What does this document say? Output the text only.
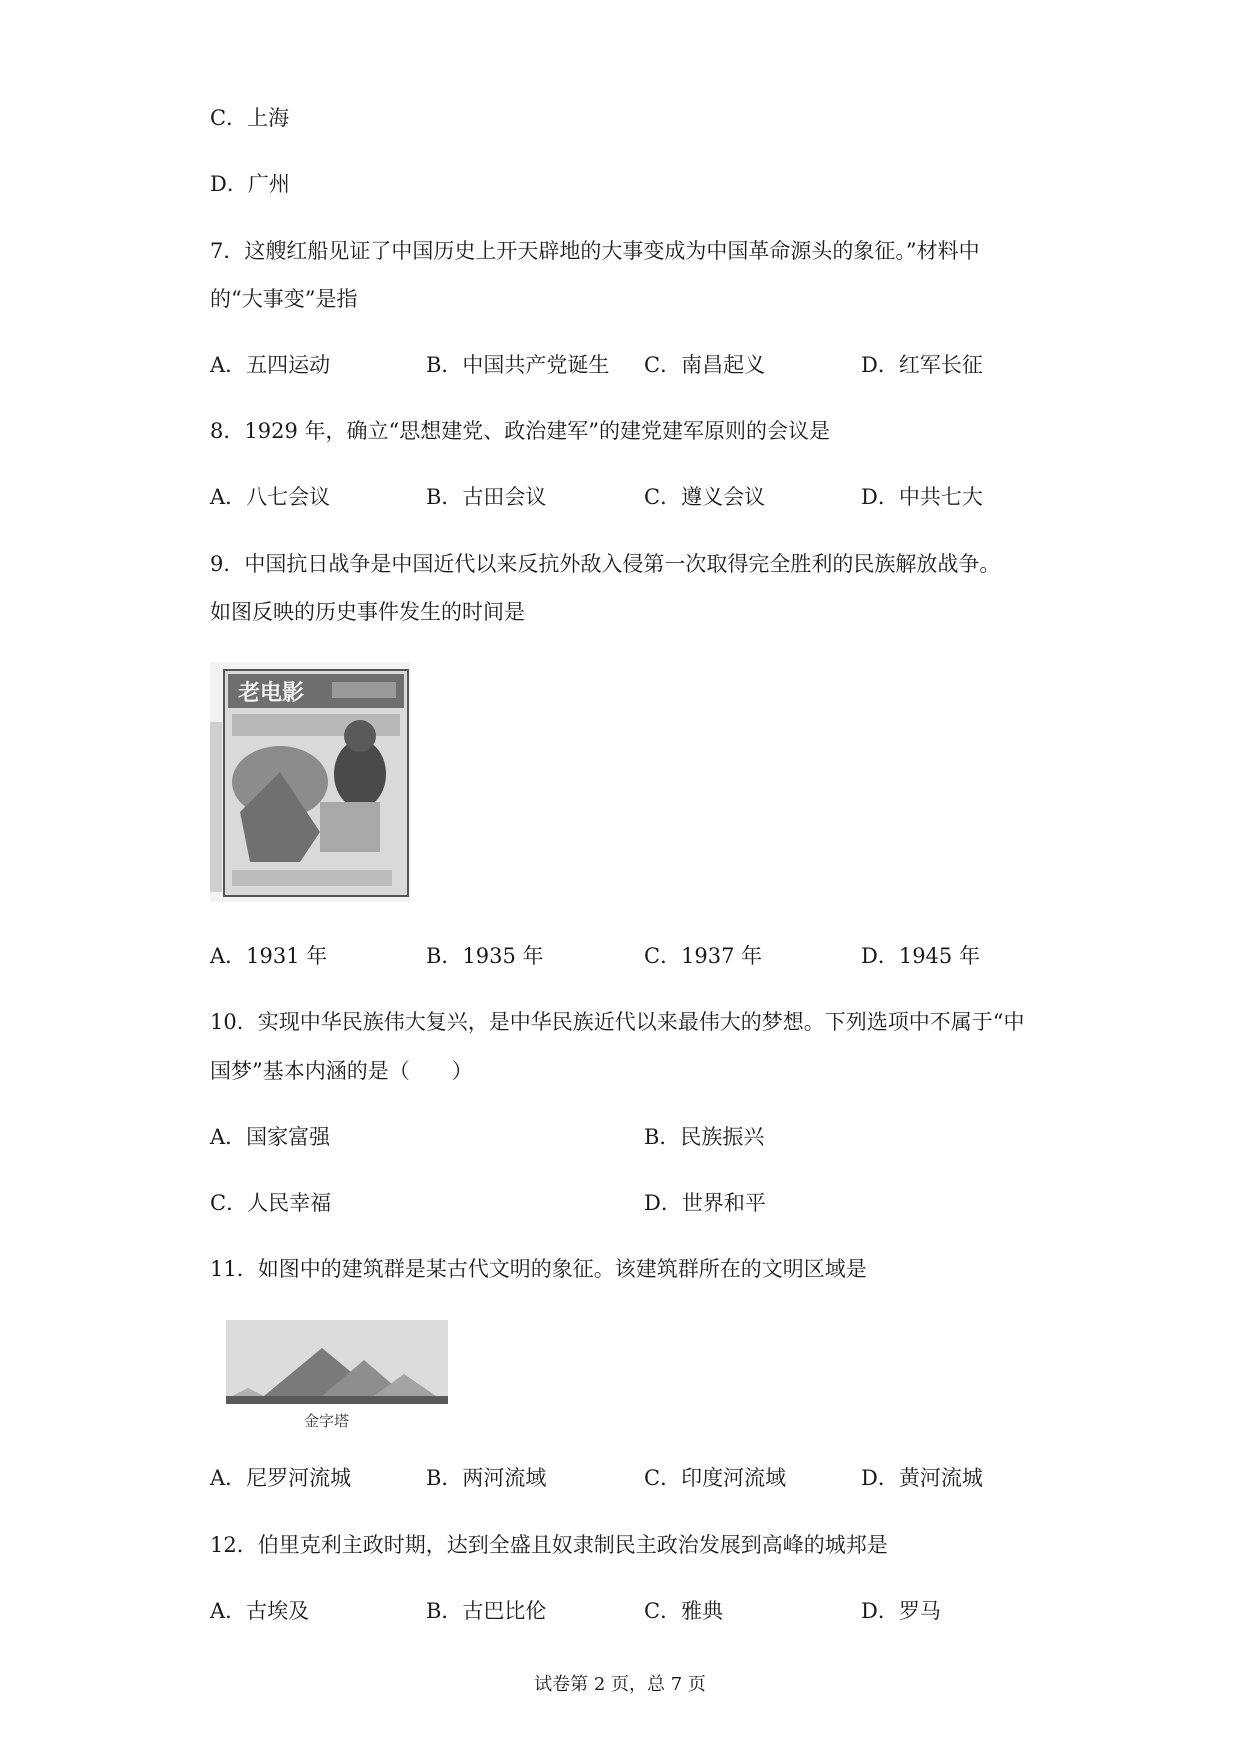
C．上海
D．广州
7．这艘红船见证了中国历史上开天辟地的大事变成为中国革命源头的象征。”材料中
的“大事变”是指
A．五四运动	B．中国共产党诞生 C．南昌起义	D．红军长征
8．1929 年，确立“思想建党、政治建军”的建党建军原则的会议是
A．八七会议	B．古田会议	C．遵义会议	D．中共七大
9．中国抗日战争是中国近代以来反抗外敌入侵第一次取得完全胜利的民族解放战争。
如图反映的历史事件发生的时间是
老电影
A．1931 年	B．1935 年	C．1937 年	D．1945 年
10．实现中华民族伟大复兴，是中华民族近代以来最伟大的梦想。下列选项中不属于“中
国梦”基本内涵的是（　　）
A．国家富强	B．民族振兴
C．人民幸福	D．世界和平
11．如图中的建筑群是某古代文明的象征。该建筑群所在的文明区域是
金字塔
A．尼罗河流城	B．两河流域	C．印度河流域	D．黄河流城
12．伯里克利主政时期，达到全盛且奴隶制民主政治发展到高峰的城邦是
A．古埃及	B．古巴比伦	C．雅典	D．罗马
试卷第 2 页，总 7 页
